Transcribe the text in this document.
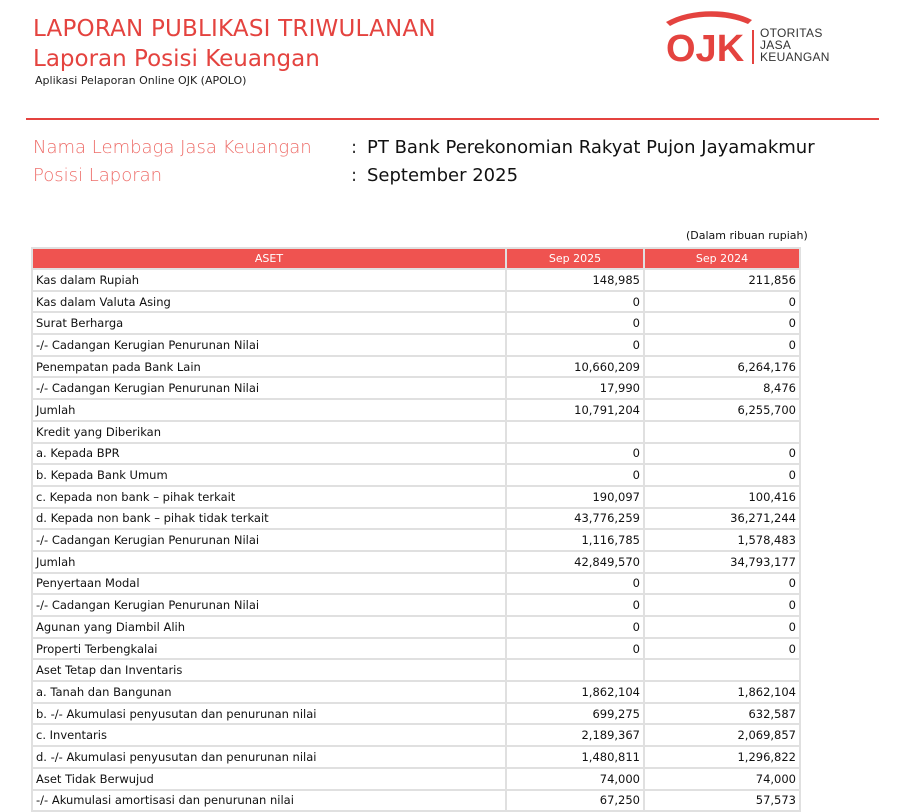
LAPORAN PUBLIKASI TRIWULANAN
Laporan Posisi Keuangan
Aplikasi Pelaporan Online OJK (APOLO)
OJK OTORITAS
JASA
KEUANGAN
Nama Lembaga Jasa Keuangan : PT Bank Perekonomian Rakyat Pujon Jayamakmur
Posisi Laporan	: September 2025
(Dalam ribuan rupiah)
ASET	Sep 2025	Sep 2024
Kas dalam Rupiah	148,985	211,856
Kas dalam Valuta Asing	0	0
Surat Berharga	0	0
-/- Cadangan Kerugian Penurunan Nilai	0	0
Penempatan pada Bank Lain	10,660,209	6,264,176
-/- Cadangan Kerugian Penurunan Nilai	17,990	8,476
Jumlah	10,791,204	6,255,700
Kredit yang Diberikan		
a. Kepada BPR	0	0
b. Kepada Bank Umum	0	0
c. Kepada non bank – pihak terkait	190,097	100,416
d. Kepada non bank – pihak tidak terkait	43,776,259	36,271,244
-/- Cadangan Kerugian Penurunan Nilai	1,116,785	1,578,483
Jumlah	42,849,570	34,793,177
Penyertaan Modal	0	0
-/- Cadangan Kerugian Penurunan Nilai	0	0
Agunan yang Diambil Alih	0	0
Properti Terbengkalai	0	0
Aset Tetap dan Inventaris		
a. Tanah dan Bangunan	1,862,104	1,862,104
b. -/- Akumulasi penyusutan dan penurunan nilai	699,275	632,587
c. Inventaris	2,189,367	2,069,857
d. -/- Akumulasi penyusutan dan penurunan nilai	1,480,811	1,296,822
Aset Tidak Berwujud	74,000	74,000
-/- Akumulasi amortisasi dan penurunan nilai	67,250	57,573
